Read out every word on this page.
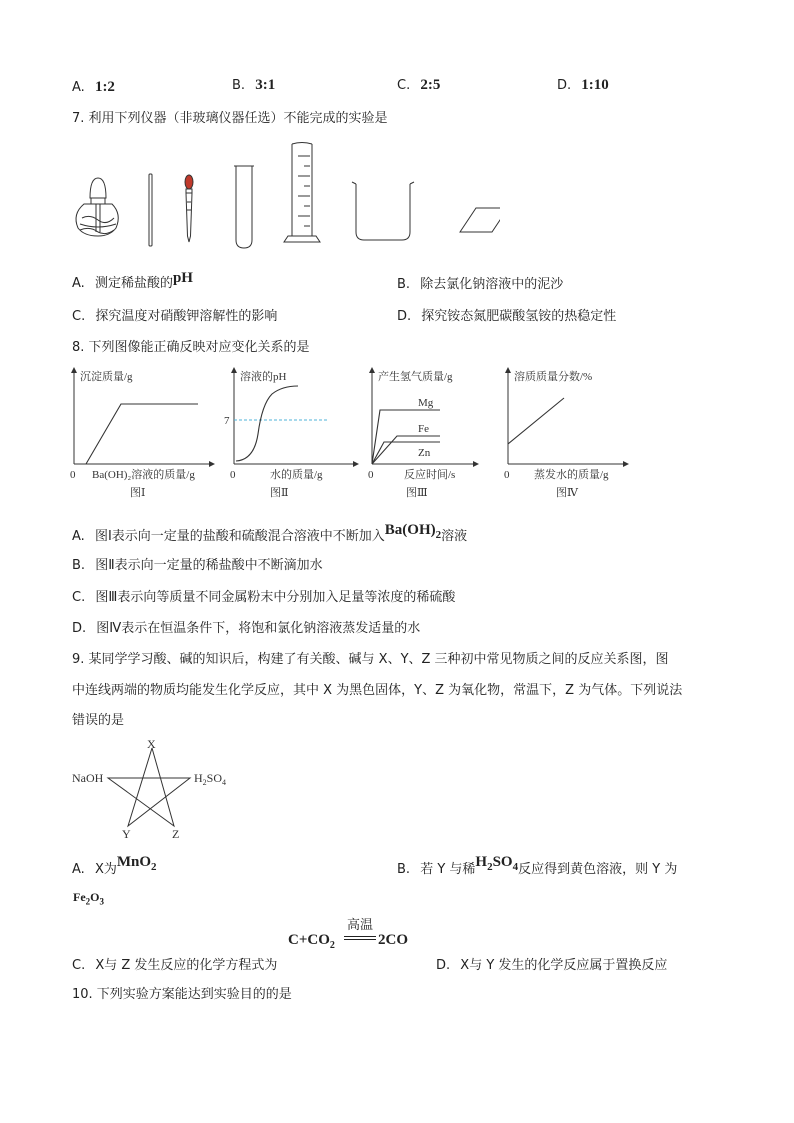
A. 1:2	B. 3:1	C. 2:5	D. 1:10
7. 利用下列仪器（非玻璃仪器任选）不能完成的实验是
A. 测定稀盐酸的pH	B. 除去氯化钠溶液中的泥沙
C. 探究温度对硝酸钾溶解性的影响	D. 探究铵态氮肥碳酸氢铵的热稳定性
8. 下列图像能正确反映对应变化关系的是
沉淀质量/g
0 Ba(OH)₂溶液的质量/g
图Ⅰ
溶液的pH
7
0	水的质量/g
图Ⅱ
产生氢气质量/g
Mg
Fe
Zn
0	反应时间/s
图Ⅲ
溶质质量分数/%
0 蒸发水的质量/g
图Ⅳ
A. 图Ⅰ表示向一定量的盐酸和硫酸混合溶液中不断加入$Ba(OH)_2$溶液
B. 图Ⅱ表示向一定量的稀盐酸中不断滴加水
C. 图Ⅲ表示向等质量不同金属粉末中分别加入足量等浓度的稀硫酸
D. 图Ⅳ表示在恒温条件下，将饱和氯化钠溶液蒸发适量的水
9. 某同学学习酸、碱的知识后，构建了有关酸、碱与 X、Y、Z 三种初中常见物质之间的反应关系图，图
中连线两端的物质均能发生化学反应，其中 X 为黑色固体，Y、Z 为氧化物，常温下，Z 为气体。下列说法
错误的是
X
NaOH	$H_2SO_4$
Y	Z
A. X为MnO$_2$	B. 若 Y 与稀$H_2SO_4$反应得到黄色溶液，则 Y 为
$Fe_2O_3$
$C+CO_2$
高温
2CO
C. X与 Z 发生反应的化学方程式为	D. X与 Y 发生的化学反应属于置换反应
10. 下列实验方案能达到实验目的的是
